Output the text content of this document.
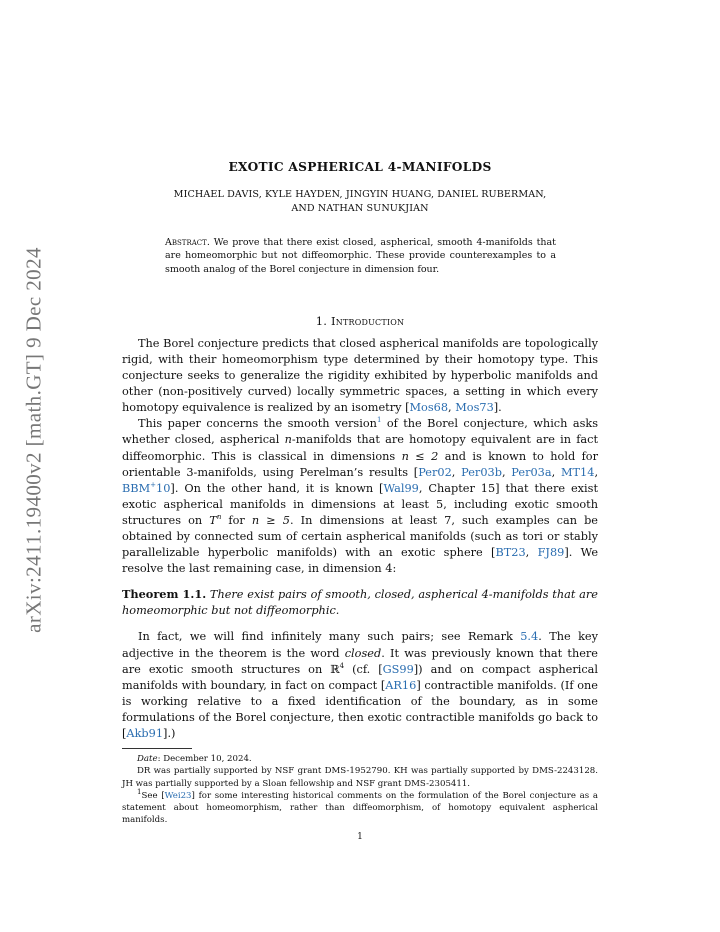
arXiv:2411.19400v2 [math.GT] 9 Dec 2024
EXOTIC ASPHERICAL 4-MANIFOLDS
MICHAEL DAVIS, KYLE HAYDEN, JINGYIN HUANG, DANIEL RUBERMAN,
AND NATHAN SUNUKJIAN
Abstract. We prove that there exist closed, aspherical, smooth 4-manifolds that are homeomorphic but not diffeomorphic. These provide counterexamples to a smooth analog of the Borel conjecture in dimension four.
1. Introduction

The Borel conjecture predicts that closed aspherical manifolds are topologically rigid, with their homeomorphism type determined by their homotopy type. This conjecture seeks to generalize the rigidity exhibited by hyperbolic manifolds and other (non-positively curved) locally symmetric spaces, a setting in which every homotopy equivalence is realized by an isometry [Mos68, Mos73].

This paper concerns the smooth version$^1$ of the Borel conjecture, which asks whether closed, aspherical n-manifolds that are homotopy equivalent are in fact diffeomorphic. This is classical in dimensions n ≤ 2 and is known to hold for orientable 3-manifolds, using Perelman’s results [Per02, Per03b, Per03a, MT14, BBM+10]. On the other hand, it is known [Wal99, Chapter 15] that there exist exotic aspherical manifolds in dimensions at least 5, including exotic smooth structures on $T^n$ for n ≥ 5. In dimensions at least 7, such examples can be obtained by connected sum of certain aspherical manifolds (such as tori or stably parallelizable hyperbolic manifolds) with an exotic sphere [BT23, FJ89]. We resolve the last remaining case, in dimension 4:

Theorem 1.1. There exist pairs of smooth, closed, aspherical 4-manifolds that are homeomorphic but not diffeomorphic.

In fact, we will find infinitely many such pairs; see Remark 5.4. The key adjective in the theorem is the word closed. It was previously known that there are exotic smooth structures on ℝ$^4$ (cf. [GS99]) and on compact aspherical manifolds with boundary, in fact on compact [AR16] contractible manifolds. (If one is working relative to a fixed identification of the boundary, as in some formulations of the Borel conjecture, then exotic contractible manifolds go back to [Akb91].)

Date: December 10, 2024.

DR was partially supported by NSF grant DMS-1952790. KH was partially supported by DMS-2243128. JH was partially supported by a Sloan fellowship and NSF grant DMS-2305411.

$^1$See [Wei23] for some interesting historical comments on the formulation of the Borel conjecture as a statement about homeomorphism, rather than diffeomorphism, of homotopy equivalent aspherical manifolds.

1
